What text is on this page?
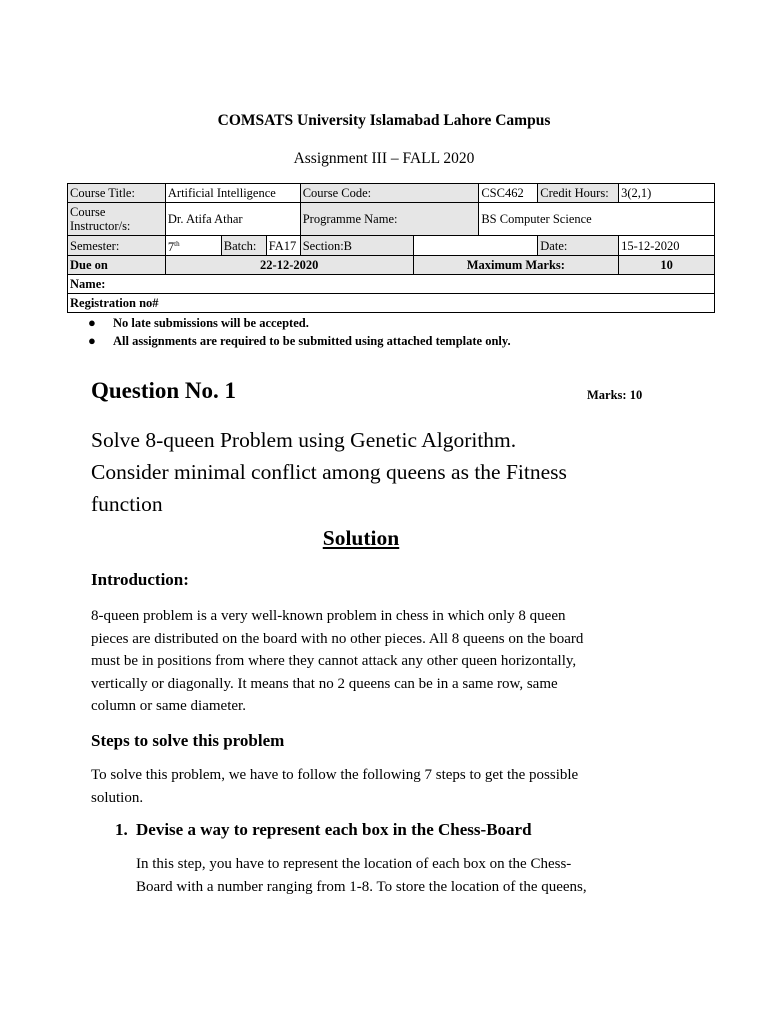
COMSATS University Islamabad Lahore Campus
Assignment III – FALL 2020
Course Title:	Artificial Intelligence			Course Code:		CSC462	Credit Hours:	3(2,1)
Course Instructor/s:	Dr. Atifa Athar			Programme Name:		BS Computer Science		
Semester:	7th	Batch:	FA17	Section:B			Date:	15-12-2020
Due on	22-12-2020				Maximum Marks:			10
Name:								
Registration no#								
● No late submissions will be accepted.
● All assignments are required to be submitted using attached template only.
Question No. 1	Marks: 10
Solve 8-queen Problem using Genetic Algorithm.
Consider minimal conflict among queens as the Fitness
function
Solution
Introduction:
8-queen problem is a very well-known problem in chess in which only 8 queen
pieces are distributed on the board with no other pieces. All 8 queens on the board
must be in positions from where they cannot attack any other queen horizontally,
vertically or diagonally. It means that no 2 queens can be in a same row, same
column or same diameter.
Steps to solve this problem
To solve this problem, we have to follow the following 7 steps to get the possible
solution.
1. Devise a way to represent each box in the Chess-Board
In this step, you have to represent the location of each box on the Chess-
Board with a number ranging from 1-8. To store the location of the queens,
